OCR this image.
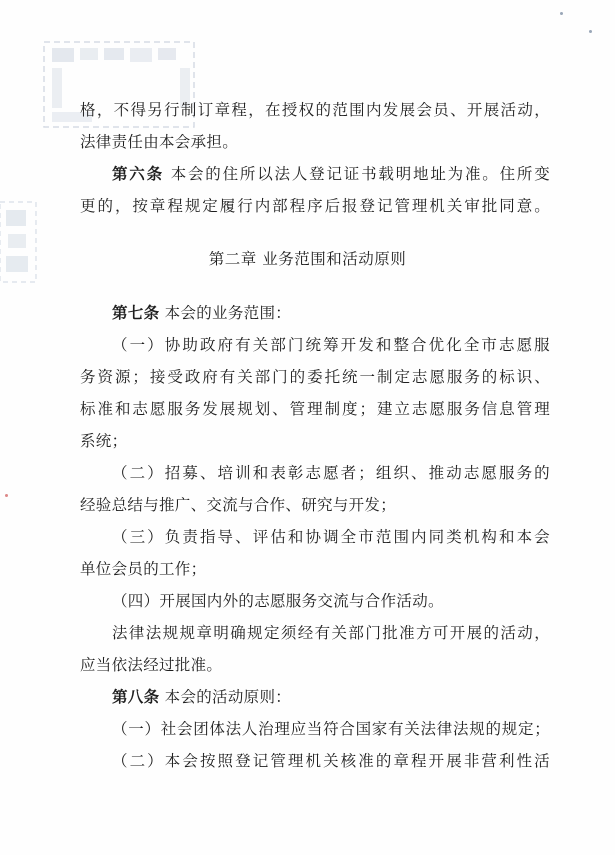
格，不得另行制订章程，在授权的范围内发展会员、开展活动，
法律责任由本会承担。
第六条 本会的住所以法人登记证书载明地址为准。住所变
更的，按章程规定履行内部程序后报登记管理机关审批同意。
第二章 业务范围和活动原则
第七条 本会的业务范围：
（一）协助政府有关部门统筹开发和整合优化全市志愿服
务资源；接受政府有关部门的委托统一制定志愿服务的标识、
标准和志愿服务发展规划、管理制度；建立志愿服务信息管理
系统；
（二）招募、培训和表彰志愿者；组织、推动志愿服务的
经验总结与推广、交流与合作、研究与开发；
（三）负责指导、评估和协调全市范围内同类机构和本会
单位会员的工作；
（四）开展国内外的志愿服务交流与合作活动。
法律法规规章明确规定须经有关部门批准方可开展的活动，
应当依法经过批准。
第八条 本会的活动原则：
（一）社会团体法人治理应当符合国家有关法律法规的规定；
（二）本会按照登记管理机关核准的章程开展非营利性活
